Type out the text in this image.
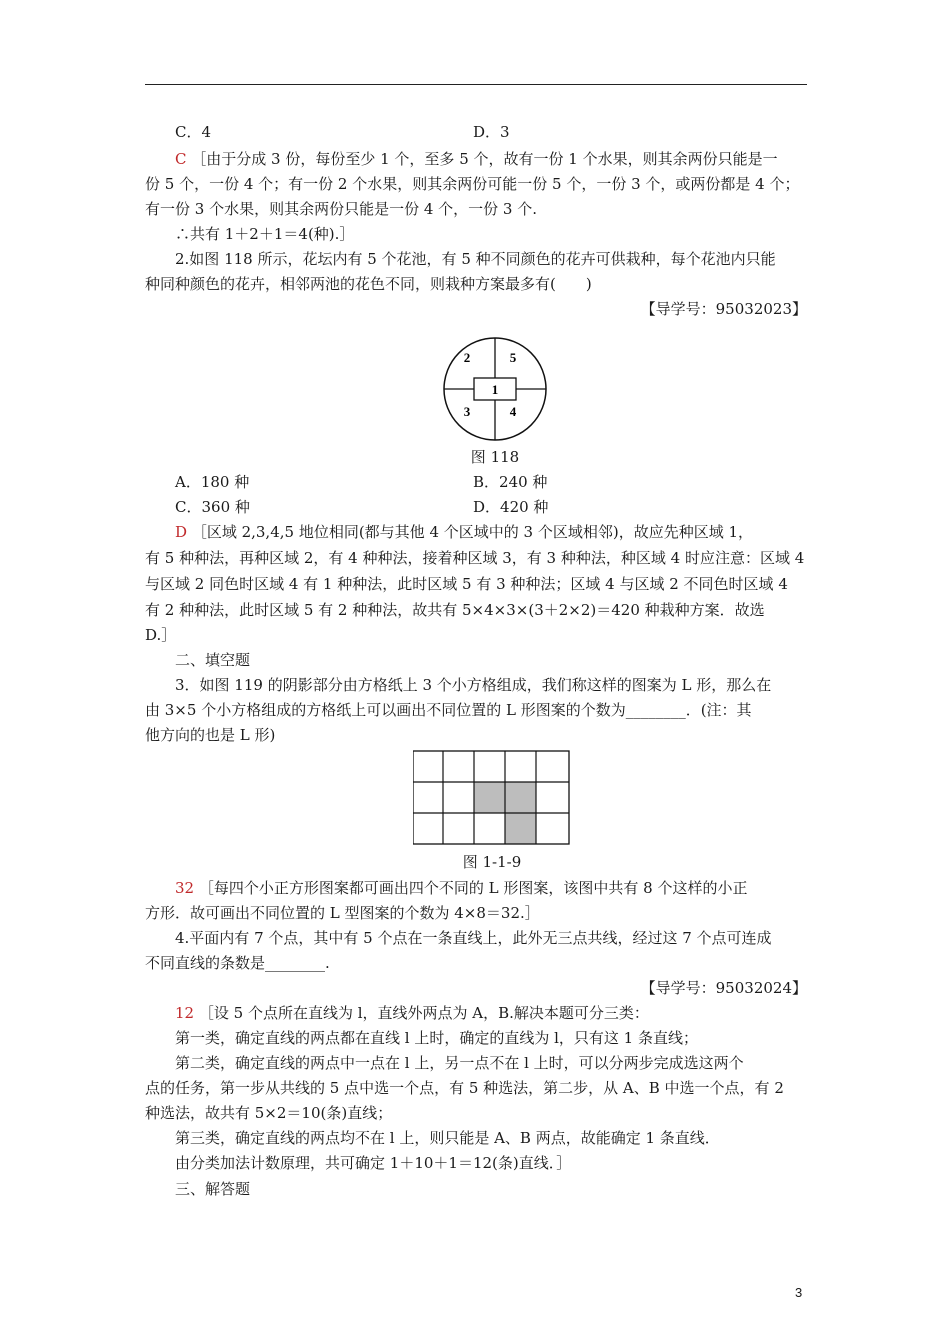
C．4	D．3
C ［由于分成 3 份，每份至少 1 个，至多 5 个，故有一份 1 个水果，则其余两份只能是一
份 5 个，一份 4 个；有一份 2 个水果，则其余两份可能一份 5 个，一份 3 个，或两份都是 4 个；
有一份 3 个水果，则其余两份只能是一份 4 个，一份 3 个.
∴共有 1＋2＋1＝4(种).］
2.如图 118 所示，花坛内有 5 个花池，有 5 种不同颜色的花卉可供栽种，每个花池内只能
种同种颜色的花卉，相邻两池的花色不同，则栽种方案最多有(　　)
【导学号：95032023】
1
2	5
3	4
图 118
A．180 种	B．240 种
C．360 种	D．420 种
D ［区域 2,3,4,5 地位相同(都与其他 4 个区域中的 3 个区域相邻)，故应先种区域 1，
有 5 种种法，再种区域 2，有 4 种种法，接着种区域 3，有 3 种种法，种区域 4 时应注意：区域 4
与区域 2 同色时区域 4 有 1 种种法，此时区域 5 有 3 种种法；区域 4 与区域 2 不同色时区域 4
有 2 种种法，此时区域 5 有 2 种种法，故共有 5×4×3×(3＋2×2)＝420 种栽种方案．故选
D.］
二、填空题
3．如图 119 的阴影部分由方格纸上 3 个小方格组成，我们称这样的图案为 L 形，那么在
由 3×5 个小方格组成的方格纸上可以画出不同位置的 L 形图案的个数为________．(注：其
他方向的也是 L 形)
图 1-1-9
32 ［每四个小正方形图案都可画出四个不同的 L 形图案，该图中共有 8 个这样的小正
方形．故可画出不同位置的 L 型图案的个数为 4×8＝32.］
4.平面内有 7 个点，其中有 5 个点在一条直线上，此外无三点共线，经过这 7 个点可连成
不同直线的条数是________.
【导学号：95032024】
12 ［设 5 个点所在直线为 l，直线外两点为 A，B.解决本题可分三类：
第一类，确定直线的两点都在直线 l 上时，确定的直线为 l，只有这 1 条直线；
第二类，确定直线的两点中一点在 l 上，另一点不在 l 上时，可以分两步完成选这两个
点的任务，第一步从共线的 5 点中选一个点，有 5 种选法，第二步，从 A、B 中选一个点，有 2
种选法，故共有 5×2＝10(条)直线；
第三类，确定直线的两点均不在 l 上，则只能是 A、B 两点，故能确定 1 条直线．
由分类加法计数原理，共可确定 1＋10＋1＝12(条)直线．］
三、解答题
3
